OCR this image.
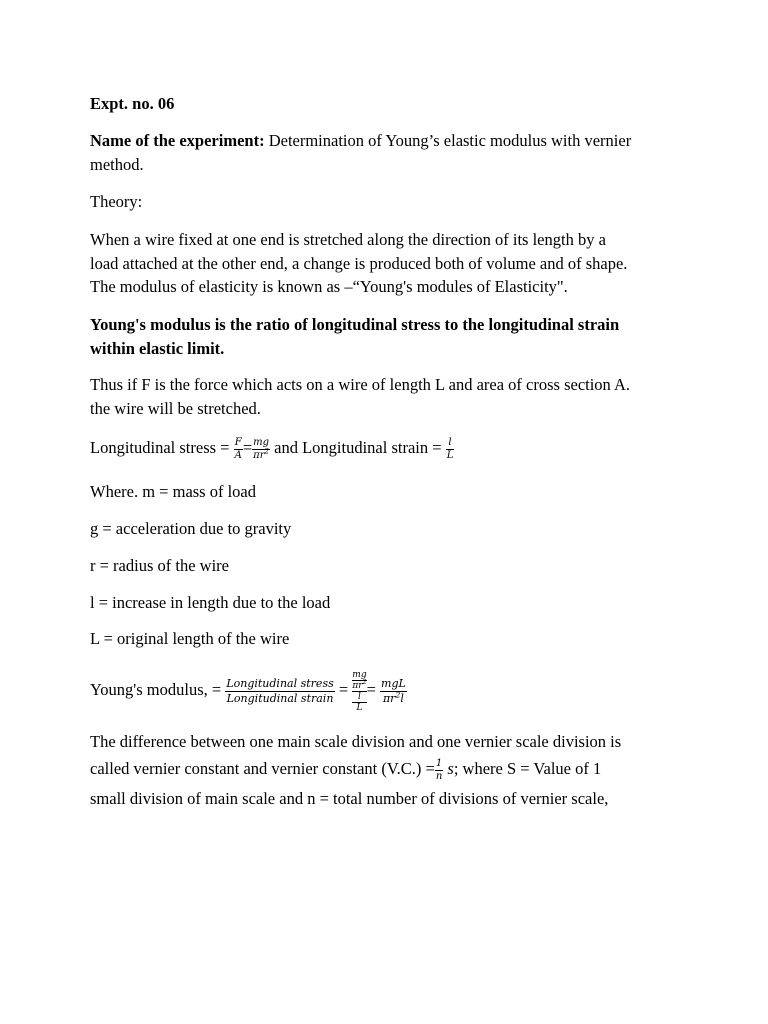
Expt. no. 06
Name of the experiment: Determination of Young’s elastic modulus with vernier
method.
Theory:
When a wire fixed at one end is stretched along the direction of its length by a
load attached at the other end, a change is produced both of volume and of shape.
The modulus of elasticity is known as –“Young's modules of Elasticity".
Young's modulus is the ratio of longitudinal stress to the longitudinal strain
within elastic limit.
Thus if F is the force which acts on a wire of length L and area of cross section A.
the wire will be stretched.
Longitudinal stress = $\frac{F}{A} = \frac{mg}{\pi r^2}$ and Longitudinal strain = $\frac{l}{L}$
Where. m = mass of load
g = acceleration due to gravity
r = radius of the wire
l = increase in length due to the load
L = original length of the wire
Young's modulus, = $\frac{\text{Longitudinal stress}}{\text{Longitudinal strain}}$ =
mg
$\pi r^2$
l
L
= $\frac{\text{mgL}}{\pi r^2l}$
The difference between one main scale division and one vernier scale division is
called vernier constant and vernier constant $(V.C.) = \frac{1}{n} s$; where S = Value of 1
small division of main scale and n = total number of divisions of vernier scale,
